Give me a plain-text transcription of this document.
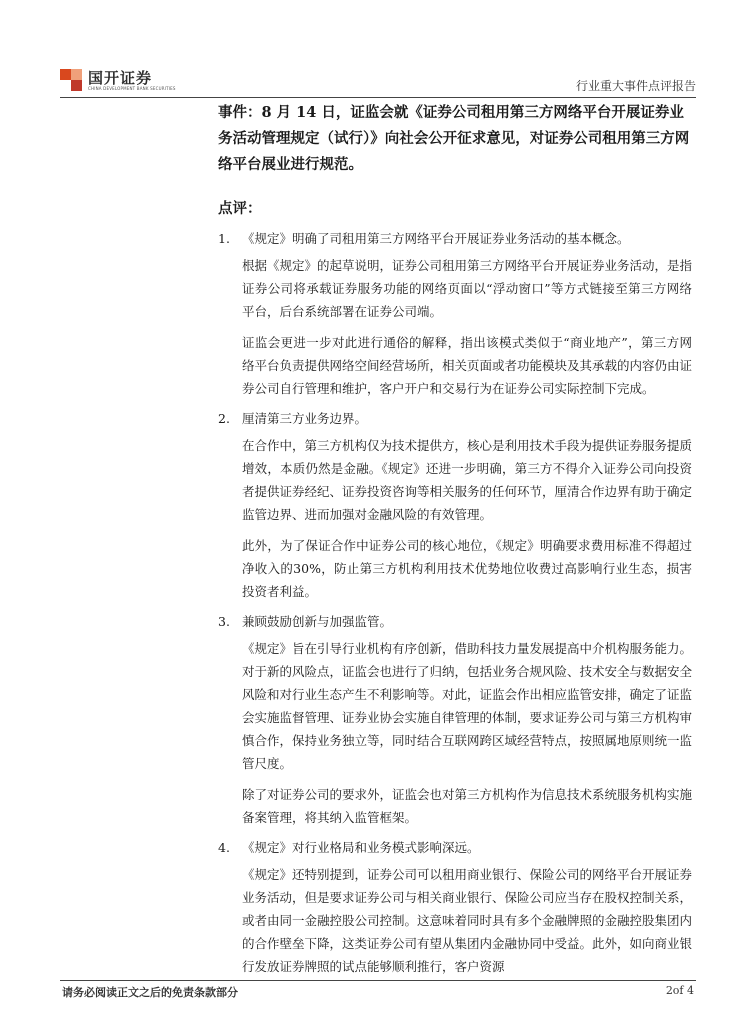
国开证券
CHINA DEVELOPMENT BANK SECURITIES	行业重大事件点评报告

事件：8 月 14 日，证监会就《证券公司租用第三方网络平台开展证券业务活动管理规定（试行）》向社会公开征求意见，对证券公司租用第三方网络平台展业进行规范。

点评：

1. 《规定》明确了司租用第三方网络平台开展证券业务活动的基本概念。

根据《规定》的起草说明，证券公司租用第三方网络平台开展证券业务活动，是指证券公司将承载证券服务功能的网络页面以“浮动窗口”等方式链接至第三方网络平台，后台系统部署在证券公司端。

证监会更进一步对此进行通俗的解释，指出该模式类似于“商业地产”，第三方网络平台负责提供网络空间经营场所，相关页面或者功能模块及其承载的内容仍由证券公司自行管理和维护，客户开户和交易行为在证券公司实际控制下完成。

2. 厘清第三方业务边界。

在合作中，第三方机构仅为技术提供方，核心是利用技术手段为提供证券服务提质增效，本质仍然是金融。《规定》还进一步明确，第三方不得介入证券公司向投资者提供证券经纪、证券投资咨询等相关服务的任何环节，厘清合作边界有助于确定监管边界、进而加强对金融风险的有效管理。

此外，为了保证合作中证券公司的核心地位，《规定》明确要求费用标准不得超过净收入的30%，防止第三方机构利用技术优势地位收费过高影响行业生态，损害投资者利益。

3. 兼顾鼓励创新与加强监管。

《规定》旨在引导行业机构有序创新，借助科技力量发展提高中介机构服务能力。对于新的风险点，证监会也进行了归纳，包括业务合规风险、技术安全与数据安全风险和对行业生态产生不利影响等。对此，证监会作出相应监管安排，确定了证监会实施监督管理、证券业协会实施自律管理的体制，要求证券公司与第三方机构审慎合作，保持业务独立等，同时结合互联网跨区域经营特点，按照属地原则统一监管尺度。

除了对证券公司的要求外，证监会也对第三方机构作为信息技术系统服务机构实施备案管理，将其纳入监管框架。

4. 《规定》对行业格局和业务模式影响深远。

《规定》还特别提到，证券公司可以租用商业银行、保险公司的网络平台开展证券业务活动，但是要求证券公司与相关商业银行、保险公司应当存在股权控制关系，或者由同一金融控股公司控制。这意味着同时具有多个金融牌照的金融控股集团内的合作壁垒下降，这类证券公司有望从集团内金融协同中受益。此外，如向商业银行发放证券牌照的试点能够顺利推行，客户资源

请务必阅读正文之后的免责条款部分	2of 4
